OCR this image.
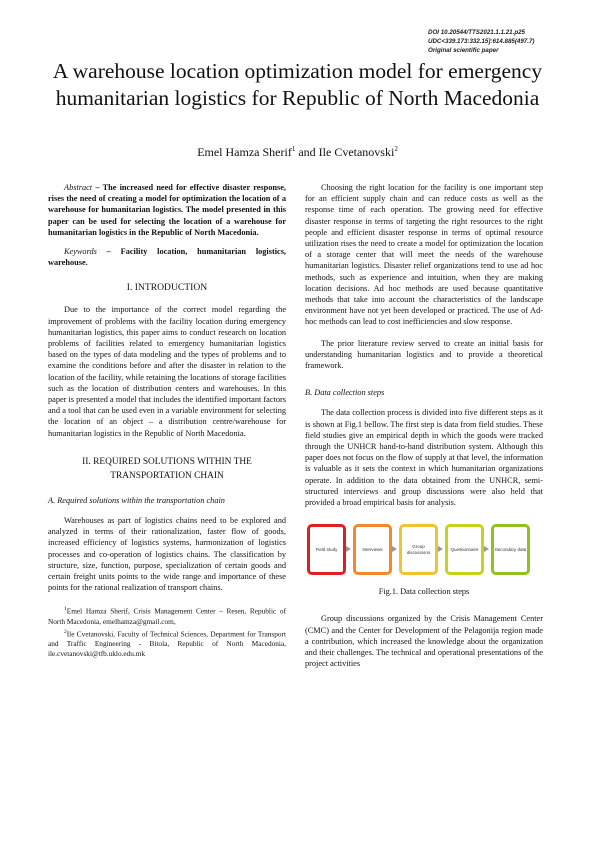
DOI 10.20544/TTS2021.1.1.21.p25
UDC<339.173:332.15]:614.885(497.7)
Original scientific paper
A warehouse location optimization model for emergency humanitarian logistics for Republic of North Macedonia
Emel Hamza Sherif$^1$ and Ile Cvetanovski$^2$

Abstract – The increased need for effective disaster response, rises the need of creating a model for optimization the location of a warehouse for humanitarian logistics. The model presented in this paper can be used for selecting the location of a warehouse for humanitarian logistics in the Republic of North Macedonia.

Keywords – Facility location, humanitarian logistics, warehouse.

I. INTRODUCTION

Due to the importance of the correct model regarding the improvement of problems with the facility location during emergency humanitarian logistics, this paper aims to conduct research on location problems of facilities related to emergency humanitarian logistics based on the types of data modeling and the types of problems and to examine the conditions before and after the disaster in relation to the location of the facility, while retaining the locations of storage facilities such as the location of distribution centers and warehouses. In this paper is presented a model that includes the identified important factors and a tool that can be used even in a variable environment for selecting the location of an object – a distribution centre/warehouse for humanitarian logistics in the Republic of North Macedonia.

II. REQUIRED SOLUTIONS WITHIN THE
TRANSPORTATION CHAIN
A. Required solutions within the transportation chain

Warehouses as part of logistics chains need to be explored and analyzed in terms of their rationalization, faster flow of goods, increased efficiency of logistics systems, harmonization of logistics processes and co-operation of logistics chains. The classification by structure, size, function, purpose, specialization of certain goods and certain freight units points to the wide range and importance of these points for the rational realization of transport chains.

$^1$Emel Hamza Sherif, Crisis Management Center – Resen, Republic of North Macedonia, emelhamza@gmail.com,

$^2$Ile Cvetanovski, Faculty of Technical Sciences, Department for Transport and Traffic Engineering - Bitola, Republic of North Macedonia, ile.cvetanovski@tfb.uklo.edu.mk

Choosing the right location for the facility is one important step for an efficient supply chain and can reduce costs as well as the response time of each operation. The growing need for effective disaster response in terms of targeting the right resources to the right people and efficient disaster response in terms of optimal resource utilization rises the need to create a model for optimization the location of a storage center that will meet the needs of the warehouse humanitarian logistics. Disaster relief organizations tend to use ad hoc methods, such as experience and intuition, when they are making location decisions. Ad hoc methods are used because quantitative methods that take into account the characteristics of the landscape environment have not yet been developed or practiced. The use of Ad-hoc methods can lead to cost inefficiencies and slow response.

The prior literature review served to create an initial basis for understanding humanitarian logistics and to provide a theoretical framework.

B. Data collection steps

The data collection process is divided into five different steps as it is shown at Fig.1 bellow. The first step is data from field studies. These field studies give an empirical depth in which the goods were tracked through the UNHCR hand-to-hand distribution system. Although this paper does not focus on the flow of supply at that level, the information is valuable as it sets the context in which humanitarian organizations operate. In addition to the data obtained from the UNHCR, semi-structured interviews and group discussions were also held that provided a broad empirical basis for analysis.

Field study	Interviews
Group discussions
Questionnaire	Secondary data
Fig.1. Data collection steps

Group discussions organized by the Crisis Management Center (CMC) and the Center for Development of the Pelagonija region made a contribution, which increased the knowledge about the organization and their challenges. The technical and operational presentations of the project activities
